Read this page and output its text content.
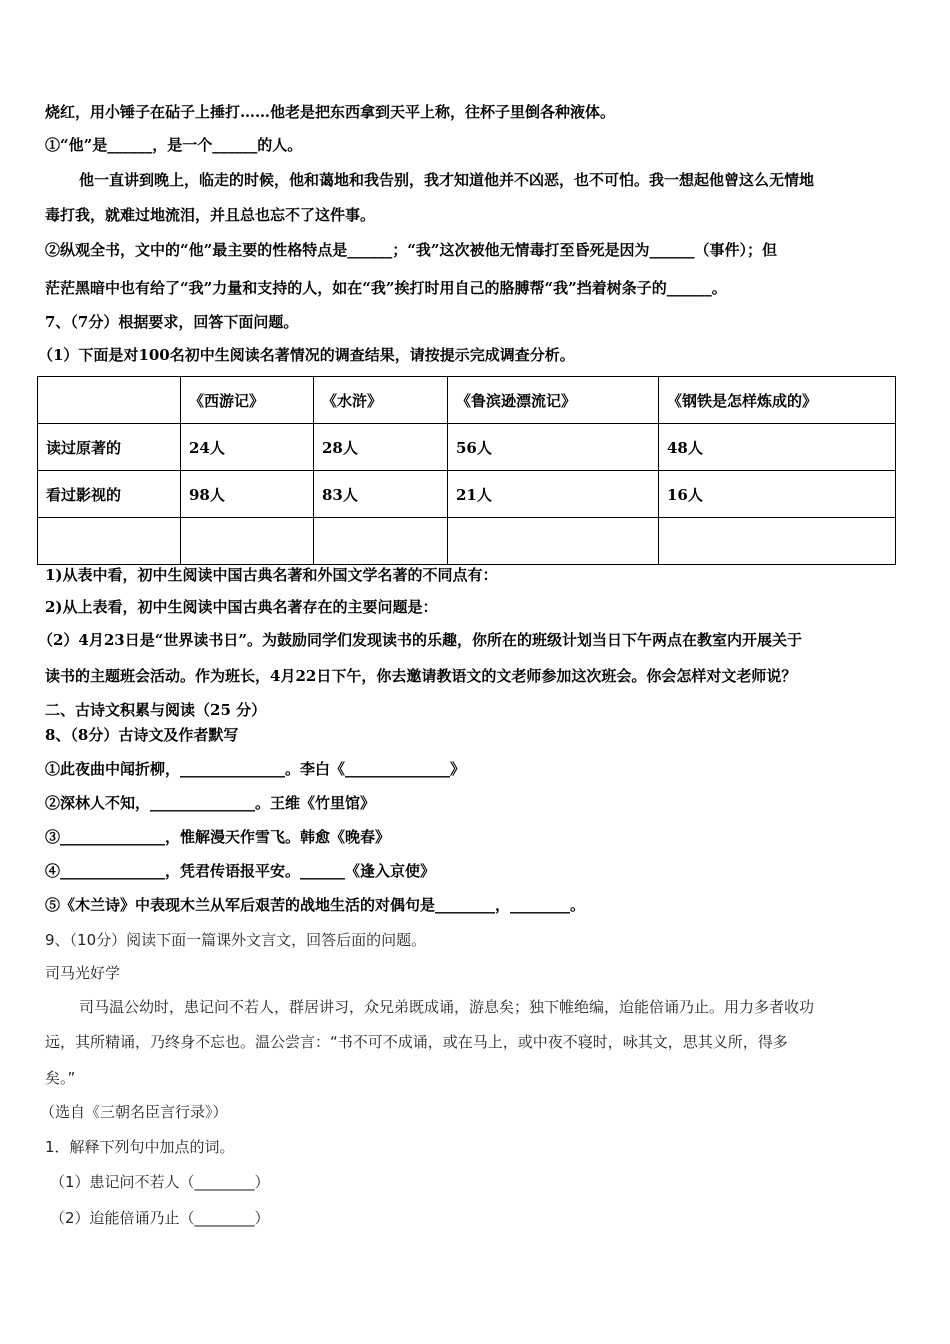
烧红，用小锤子在砧子上捶打……他老是把东西拿到天平上称，往杯子里倒各种液体。
①“他”是______，是一个______的人。
他一直讲到晚上，临走的时候，他和蔼地和我告别，我才知道他并不凶恶，也不可怕。我一想起他曾这么无情地
毒打我，就难过地流泪，并且总也忘不了这件事。
②纵观全书，文中的“他”最主要的性格特点是______；“我”这次被他无情毒打至昏死是因为______（事件）；但
茫茫黑暗中也有给了“我”力量和支持的人，如在“我”挨打时用自己的胳膊帮“我”挡着树条子的______。
7、（7分）根据要求，回答下面问题。
（1）下面是对100名初中生阅读名著情况的调查结果，请按提示完成调查分析。
	《西游记》	《水浒》	《鲁滨逊漂流记》	《钢铁是怎样炼成的》
读过原著的	24人	28人	56人	48人
看过影视的	98人	83人	21人	16人

1)从表中看，初中生阅读中国古典名著和外国文学名著的不同点有：
2)从上表看，初中生阅读中国古典名著存在的主要问题是：
（2）4月23日是“世界读书日”。为鼓励同学们发现读书的乐趣，你所在的班级计划当日下午两点在教室内开展关于
读书的主题班会活动。作为班长，4月22日下午，你去邀请教语文的文老师参加这次班会。你会怎样对文老师说？
二、古诗文积累与阅读（25 分）
8、（8分）古诗文及作者默写
①此夜曲中闻折柳，______________。李白《______________》
②深林人不知，______________。王维《竹里馆》
③______________，惟解漫天作雪飞。韩愈《晚春》
④______________，凭君传语报平安。______《逢入京使》
⑤《木兰诗》中表现木兰从军后艰苦的战地生活的对偶句是________，________。
9、（10分）阅读下面一篇课外文言文，回答后面的问题。
司马光好学
司马温公幼时，患记问不若人，群居讲习，众兄弟既成诵，游息矣；独下帷绝编，迨能倍诵乃止。用力多者收功
远，其所精诵，乃终身不忘也。温公尝言：“书不可不成诵，或在马上，或中夜不寝时，咏其文，思其义所，得多
矣。”
（选自《三朝名臣言行录》）
1．解释下列句中加点的词。
（1）患记问不若人（________）
（2）迨能倍诵乃止（________）
